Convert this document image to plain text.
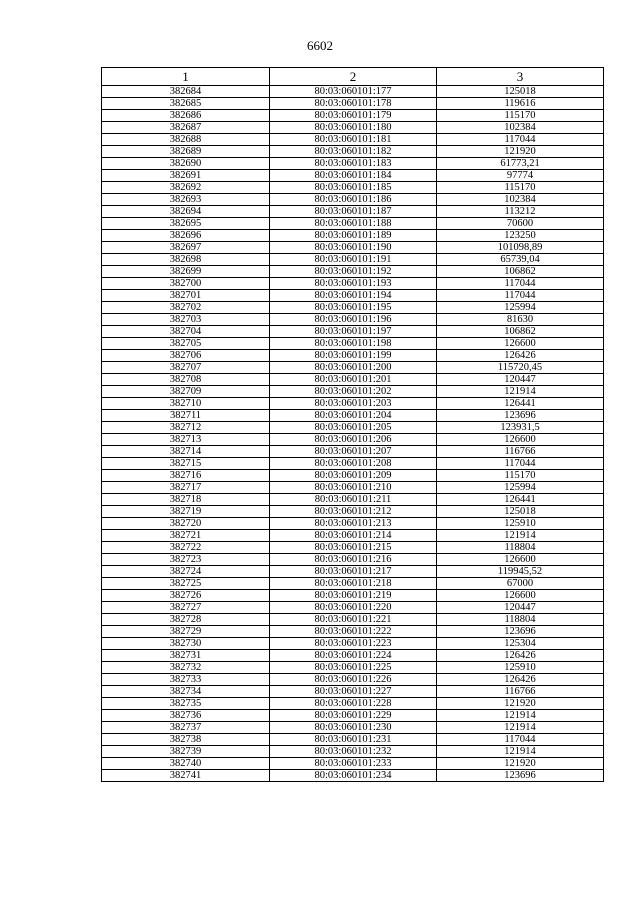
6602
1	2	3
382684	80:03:060101:177	125018
382685	80:03:060101:178	119616
382686	80:03:060101:179	115170
382687	80:03:060101:180	102384
382688	80:03:060101:181	117044
382689	80:03:060101:182	121920
382690	80:03:060101:183	61773,21
382691	80:03:060101:184	97774
382692	80:03:060101:185	115170
382693	80:03:060101:186	102384
382694	80:03:060101:187	113212
382695	80:03:060101:188	70600
382696	80:03:060101:189	123250
382697	80:03:060101:190	101098,89
382698	80:03:060101:191	65739,04
382699	80:03:060101:192	106862
382700	80:03:060101:193	117044
382701	80:03:060101:194	117044
382702	80:03:060101:195	125994
382703	80:03:060101:196	81630
382704	80:03:060101:197	106862
382705	80:03:060101:198	126600
382706	80:03:060101:199	126426
382707	80:03:060101:200	115720,45
382708	80:03:060101:201	120447
382709	80:03:060101:202	121914
382710	80:03:060101:203	126441
382711	80:03:060101:204	123696
382712	80:03:060101:205	123931,5
382713	80:03:060101:206	126600
382714	80:03:060101:207	116766
382715	80:03:060101:208	117044
382716	80:03:060101:209	115170
382717	80:03:060101:210	125994
382718	80:03:060101:211	126441
382719	80:03:060101:212	125018
382720	80:03:060101:213	125910
382721	80:03:060101:214	121914
382722	80:03:060101:215	118804
382723	80:03:060101:216	126600
382724	80:03:060101:217	119945,52
382725	80:03:060101:218	67000
382726	80:03:060101:219	126600
382727	80:03:060101:220	120447
382728	80:03:060101:221	118804
382729	80:03:060101:222	123696
382730	80:03:060101:223	125304
382731	80:03:060101:224	126426
382732	80:03:060101:225	125910
382733	80:03:060101:226	126426
382734	80:03:060101:227	116766
382735	80:03:060101:228	121920
382736	80:03:060101:229	121914
382737	80:03:060101:230	121914
382738	80:03:060101:231	117044
382739	80:03:060101:232	121914
382740	80:03:060101:233	121920
382741	80:03:060101:234	123696
